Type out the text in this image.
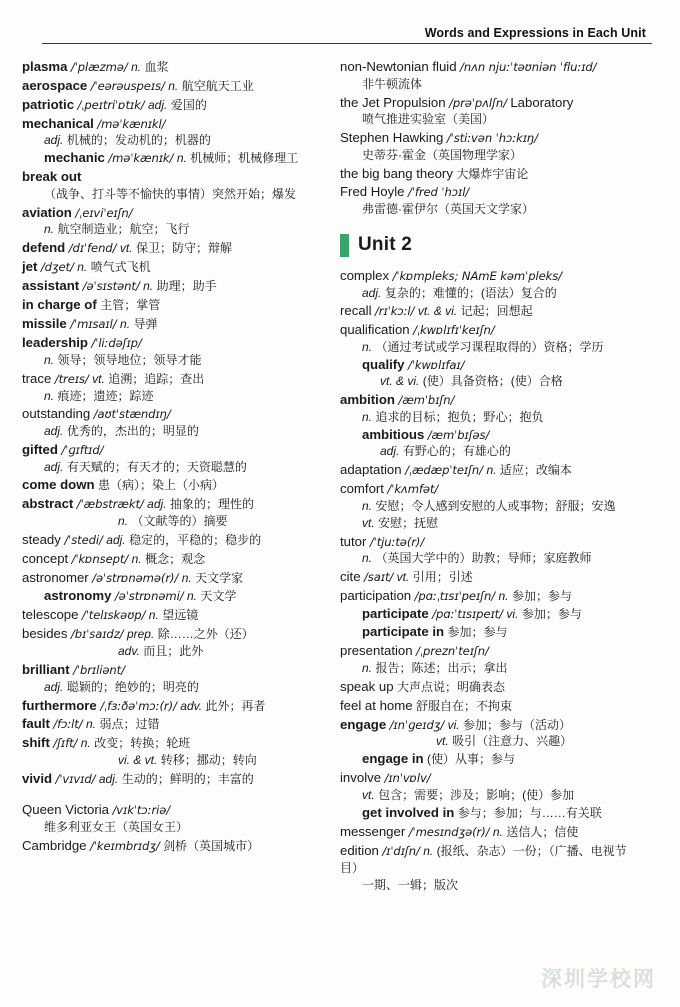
Words and Expressions in Each Unit
plasma /ˈplæzmə/ n. 血浆
aerospace /ˈeərəuspeɪs/ n. 航空航天工业
patriotic /ˌpeɪtriˈɒtɪk/ adj. 爱国的
mechanical /məˈkænɪkl/
adj. 机械的；发动机的；机器的
mechanic /məˈkænɪk/ n. 机械师；机械修理工
break out
（战争、打斗等不愉快的事情）突然开始；爆发
aviation /ˌeɪviˈeɪʃn/
n. 航空制造业；航空；飞行
defend /dɪˈfend/ vt. 保卫；防守；辩解
jet /dʒet/ n. 喷气式飞机
assistant /əˈsɪstənt/ n. 助理；助手
in charge of 主管；掌管
missile /ˈmɪsaɪl/ n. 导弹
leadership /ˈliːdəʃɪp/
n. 领导；领导地位；领导才能
trace /treɪs/ vt. 追溯；追踪；查出
n. 痕迹；遗迹；踪迹
outstanding /aʊtˈstændɪŋ/
adj. 优秀的，杰出的；明显的
gifted /ˈɡɪftɪd/
adj. 有天赋的；有天才的；天资聪慧的
come down 患（病）；染上（小病）
abstract /ˈæbstrækt/ adj. 抽象的；理性的
n. （文献等的）摘要
steady /ˈstedi/ adj. 稳定的，平稳的；稳步的
concept /ˈkɒnsept/ n. 概念；观念
astronomer /əˈstrɒnəmə(r)/ n. 天文学家
astronomy /əˈstrɒnəmi/ n. 天文学
telescope /ˈtelɪskəʊp/ n. 望远镜
besides /bɪˈsaɪdz/ prep. 除……之外（还）
adv. 而且；此外
brilliant /ˈbrɪliənt/
adj. 聪颖的；绝妙的；明亮的
furthermore /ˌfɜːðəˈmɔː(r)/ adv. 此外；再者
fault /fɔːlt/ n. 弱点；过错
shift /ʃɪft/ n. 改变；转换；轮班
vi. & vt. 转移；挪动；转向
vivid /ˈvɪvɪd/ adj. 生动的；鲜明的；丰富的
Queen Victoria /vɪkˈtɔːriə/
维多利亚女王（英国女王）
Cambridge /ˈkeɪmbrɪdʒ/ 剑桥（英国城市）
non-Newtonian fluid /nʌn njuːˈtəʊniən ˈfluːɪd/
非牛顿流体
the Jet Propulsion /prəˈpʌlʃn/ Laboratory
喷气推进实验室（美国）
Stephen Hawking /ˈstiːvən ˈhɔːkɪŋ/
史蒂芬·霍金（英国物理学家）
the big bang theory 大爆炸宇宙论
Fred Hoyle /ˈfred ˈhɔɪl/
弗雷德·霍伊尔（英国天文学家）
Unit 2
complex /ˈkɒmpleks; NAmE kəmˈpleks/
adj. 复杂的；难懂的；(语法）复合的
recall /rɪˈkɔːl/ vt. & vi. 记起；回想起
qualification /ˌkwɒlɪfɪˈkeɪʃn/
n. （通过考试或学习课程取得的）资格；学历
qualify /ˈkwɒlɪfaɪ/
vt. & vi. (使）具备资格；(使）合格
ambition /æmˈbɪʃn/
n. 追求的目标；抱负；野心；抱负
ambitious /æmˈbɪʃəs/
adj. 有野心的；有雄心的
adaptation /ˌædæpˈteɪʃn/ n. 适应；改编本
comfort /ˈkʌmfət/
n. 安慰；令人感到安慰的人或事物；舒服；安逸
vt. 安慰；抚慰
tutor /ˈtjuːtə(r)/
n. （英国大学中的）助教；导师；家庭教师
cite /saɪt/ vt. 引用；引述
participation /pɑːˌtɪsɪˈpeɪʃn/ n. 参加；参与
participate /pɑːˈtɪsɪpeɪt/ vi. 参加；参与
participate in 参加；参与
presentation /ˌpreznˈteɪʃn/
n. 报告；陈述；出示；拿出
speak up 大声点说；明确表态
feel at home 舒服自在；不拘束
engage /ɪnˈɡeɪdʒ/ vi. 参加；参与（活动）
vt. 吸引（注意力、兴趣）
engage in (使）从事；参与
involve /ɪnˈvɒlv/
vt. 包含；需要；涉及；影响；(使）参加
get involved in 参与；参加；与……有关联
messenger /ˈmesɪndʒə(r)/ n. 送信人；信使
edition /ɪˈdɪʃn/ n. (报纸、杂志）一份；（广播、电视节目）
一期、一辑；版次
深圳学校网
